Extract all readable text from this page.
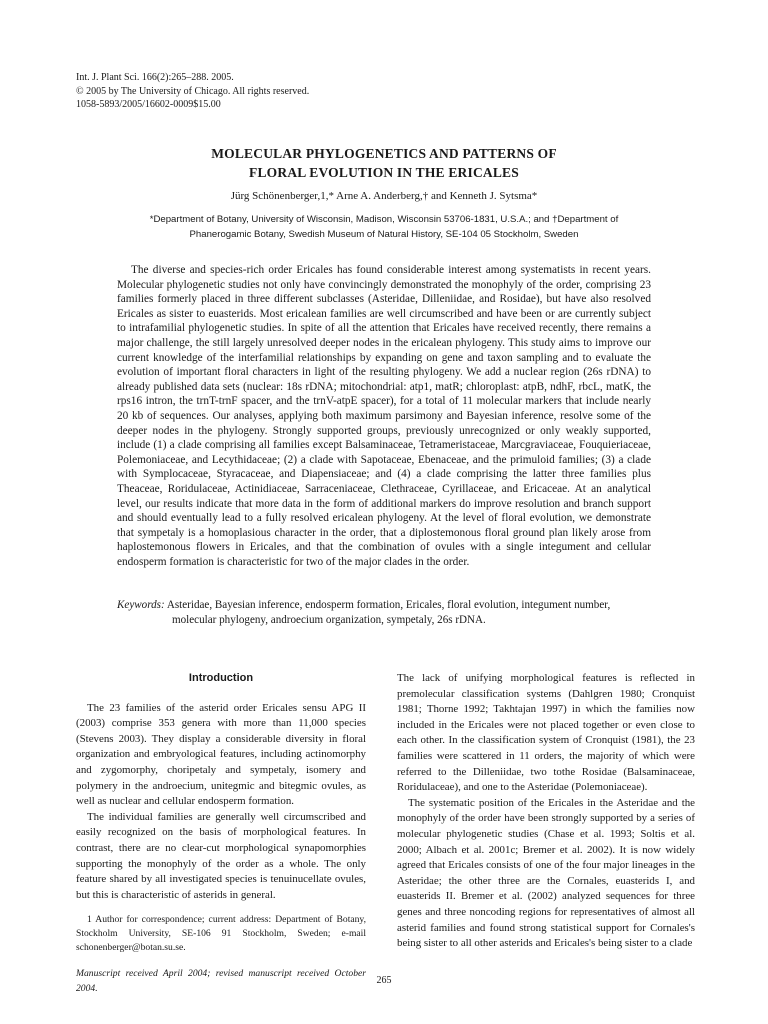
Int. J. Plant Sci. 166(2):265–288. 2005.
© 2005 by The University of Chicago. All rights reserved.
1058-5893/2005/16602-0009$15.00
MOLECULAR PHYLOGENETICS AND PATTERNS OF
FLORAL EVOLUTION IN THE ERICALES
Jürg Schönenberger,1,* Arne A. Anderberg,† and Kenneth J. Sytsma*
*Department of Botany, University of Wisconsin, Madison, Wisconsin 53706-1831, U.S.A.; and †Department of
Phanerogamic Botany, Swedish Museum of Natural History, SE-104 05 Stockholm, Sweden
The diverse and species-rich order Ericales has found considerable interest among systematists in recent years. Molecular phylogenetic studies not only have convincingly demonstrated the monophyly of the order, comprising 23 families formerly placed in three different subclasses (Asteridae, Dilleniidae, and Rosidae), but have also resolved Ericales as sister to euasterids. Most ericalean families are well circumscribed and have been or are currently subject to intrafamilial phylogenetic studies. In spite of all the attention that Ericales have received recently, there remains a major challenge, the still largely unresolved deeper nodes in the ericalean phylogeny. This study aims to improve our current knowledge of the interfamilial relationships by expanding on gene and taxon sampling and to evaluate the evolution of important floral characters in light of the resulting phylogeny. We add a nuclear region (26s rDNA) to already published data sets (nuclear: 18s rDNA; mitochondrial: atp1, matR; chloroplast: atpB, ndhF, rbcL, matK, the rps16 intron, the trnT-trnF spacer, and the trnV-atpE spacer), for a total of 11 molecular markers that include nearly 20 kb of sequences. Our analyses, applying both maximum parsimony and Bayesian inference, resolve some of the deeper nodes in the phylogeny. Strongly supported groups, previously unrecognized or only weakly supported, include (1) a clade comprising all families except Balsaminaceae, Tetrameristaceae, Marcgraviaceae, Fouquieriaceae, Polemoniaceae, and Lecythidaceae; (2) a clade with Sapotaceae, Ebenaceae, and the primuloid families; (3) a clade with Symplocaceae, Styracaceae, and Diapensiaceae; and (4) a clade comprising the latter three families plus Theaceae, Roridulaceae, Actinidiaceae, Sarraceniaceae, Clethraceae, Cyrillaceae, and Ericaceae. At an analytical level, our results indicate that more data in the form of additional markers do improve resolution and branch support and should eventually lead to a fully resolved ericalean phylogeny. At the level of floral evolution, we demonstrate that sympetaly is a homoplasious character in the order, that a diplostemonous floral ground plan likely arose from haplostemonous flowers in Ericales, and that the combination of ovules with a single integument and cellular endosperm formation is characteristic for two of the major clades in the order.
Keywords: Asteridae, Bayesian inference, endosperm formation, Ericales, floral evolution, integument number,
molecular phylogeny, androecium organization, sympetaly, 26s rDNA.
Introduction

The 23 families of the asterid order Ericales sensu APG II (2003) comprise 353 genera with more than 11,000 species (Stevens 2003). They display a considerable diversity in floral organization and embryological features, including actinomorphy and zygomorphy, choripetaly and sympetaly, isomery and polymery in the androecium, unitegmic and bitegmic ovules, as well as nuclear and cellular endosperm formation.

The individual families are generally well circumscribed and easily recognized on the basis of morphological features. In contrast, there are no clear-cut morphological synapomorphies supporting the monophyly of the order as a whole. The only feature shared by all investigated species is tenuinucellate ovules, but this is characteristic of asterids in general.

1 Author for correspondence; current address: Department of Botany, Stockholm University, SE-106 91 Stockholm, Sweden; e-mail schonenberger@botan.su.se.
Manuscript received April 2004; revised manuscript received October 2004.

The lack of unifying morphological features is reflected in premolecular classification systems (Dahlgren 1980; Cronquist 1981; Thorne 1992; Takhtajan 1997) in which the families now included in the Ericales were not placed together or even close to each other. In the classification system of Cronquist (1981), the 23 families were scattered in 11 orders, the majority of which were referred to the Dilleniidae, two tothe Rosidae (Balsaminaceae, Roridulaceae), and one to the Asteridae (Polemoniaceae).

The systematic position of the Ericales in the Asteridae and the monophyly of the order have been strongly supported by a series of molecular phylogenetic studies (Chase et al. 1993; Soltis et al. 2000; Albach et al. 2001c; Bremer et al. 2002). It is now widely agreed that Ericales consists of one of the four major lineages in the Asteridae; the other three are the Cornales, euasterids I, and euasterids II. Bremer et al. (2002) analyzed sequences for three genes and three noncoding regions for representatives of almost all asterid families and found strong statistical support for Cornales's being sister to all other asterids and Ericales's being sister to a clade

265
